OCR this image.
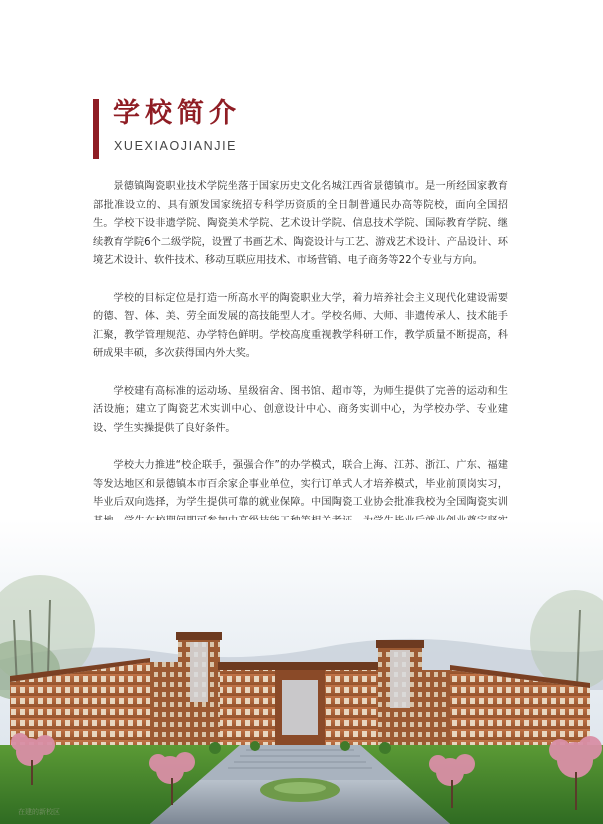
学校简介
XUEXIAOJIANJIE

景德镇陶瓷职业技术学院坐落于国家历史文化名城江西省景德镇市。是一所经国家教育部批准设立的、具有颁发国家统招专科学历资质的全日制普通民办高等院校，面向全国招生。学校下设非遗学院、陶瓷美术学院、艺术设计学院、信息技术学院、国际教育学院、继续教育学院6个二级学院，设置了书画艺术、陶瓷设计与工艺、游戏艺术设计、产品设计、环境艺术设计、软件技术、移动互联应用技术、市场营销、电子商务等22个专业与方向。

学校的目标定位是打造一所高水平的陶瓷职业大学，着力培养社会主义现代化建设需要的德、智、体、美、劳全面发展的高技能型人才。学校名师、大师、非遗传承人、技术能手汇聚，教学管理规范、办学特色鲜明。学校高度重视教学科研工作，教学质量不断提高，科研成果丰硕，多次获得国内外大奖。

学校建有高标准的运动场、星级宿舍、图书馆、超市等，为师生提供了完善的运动和生活设施；建立了陶瓷艺术实训中心、创意设计中心、商务实训中心，为学校办学、专业建设、学生实操提供了良好条件。

学校大力推进“校企联手，强强合作”的办学模式，联合上海、江苏、浙江、广东、福建等发达地区和景德镇本市百余家企事业单位，实行订单式人才培养模式，毕业前顶岗实习，毕业后双向选择，为学生提供可靠的就业保障。中国陶瓷工业协会批准我校为全国陶瓷实训

在建的新校区
